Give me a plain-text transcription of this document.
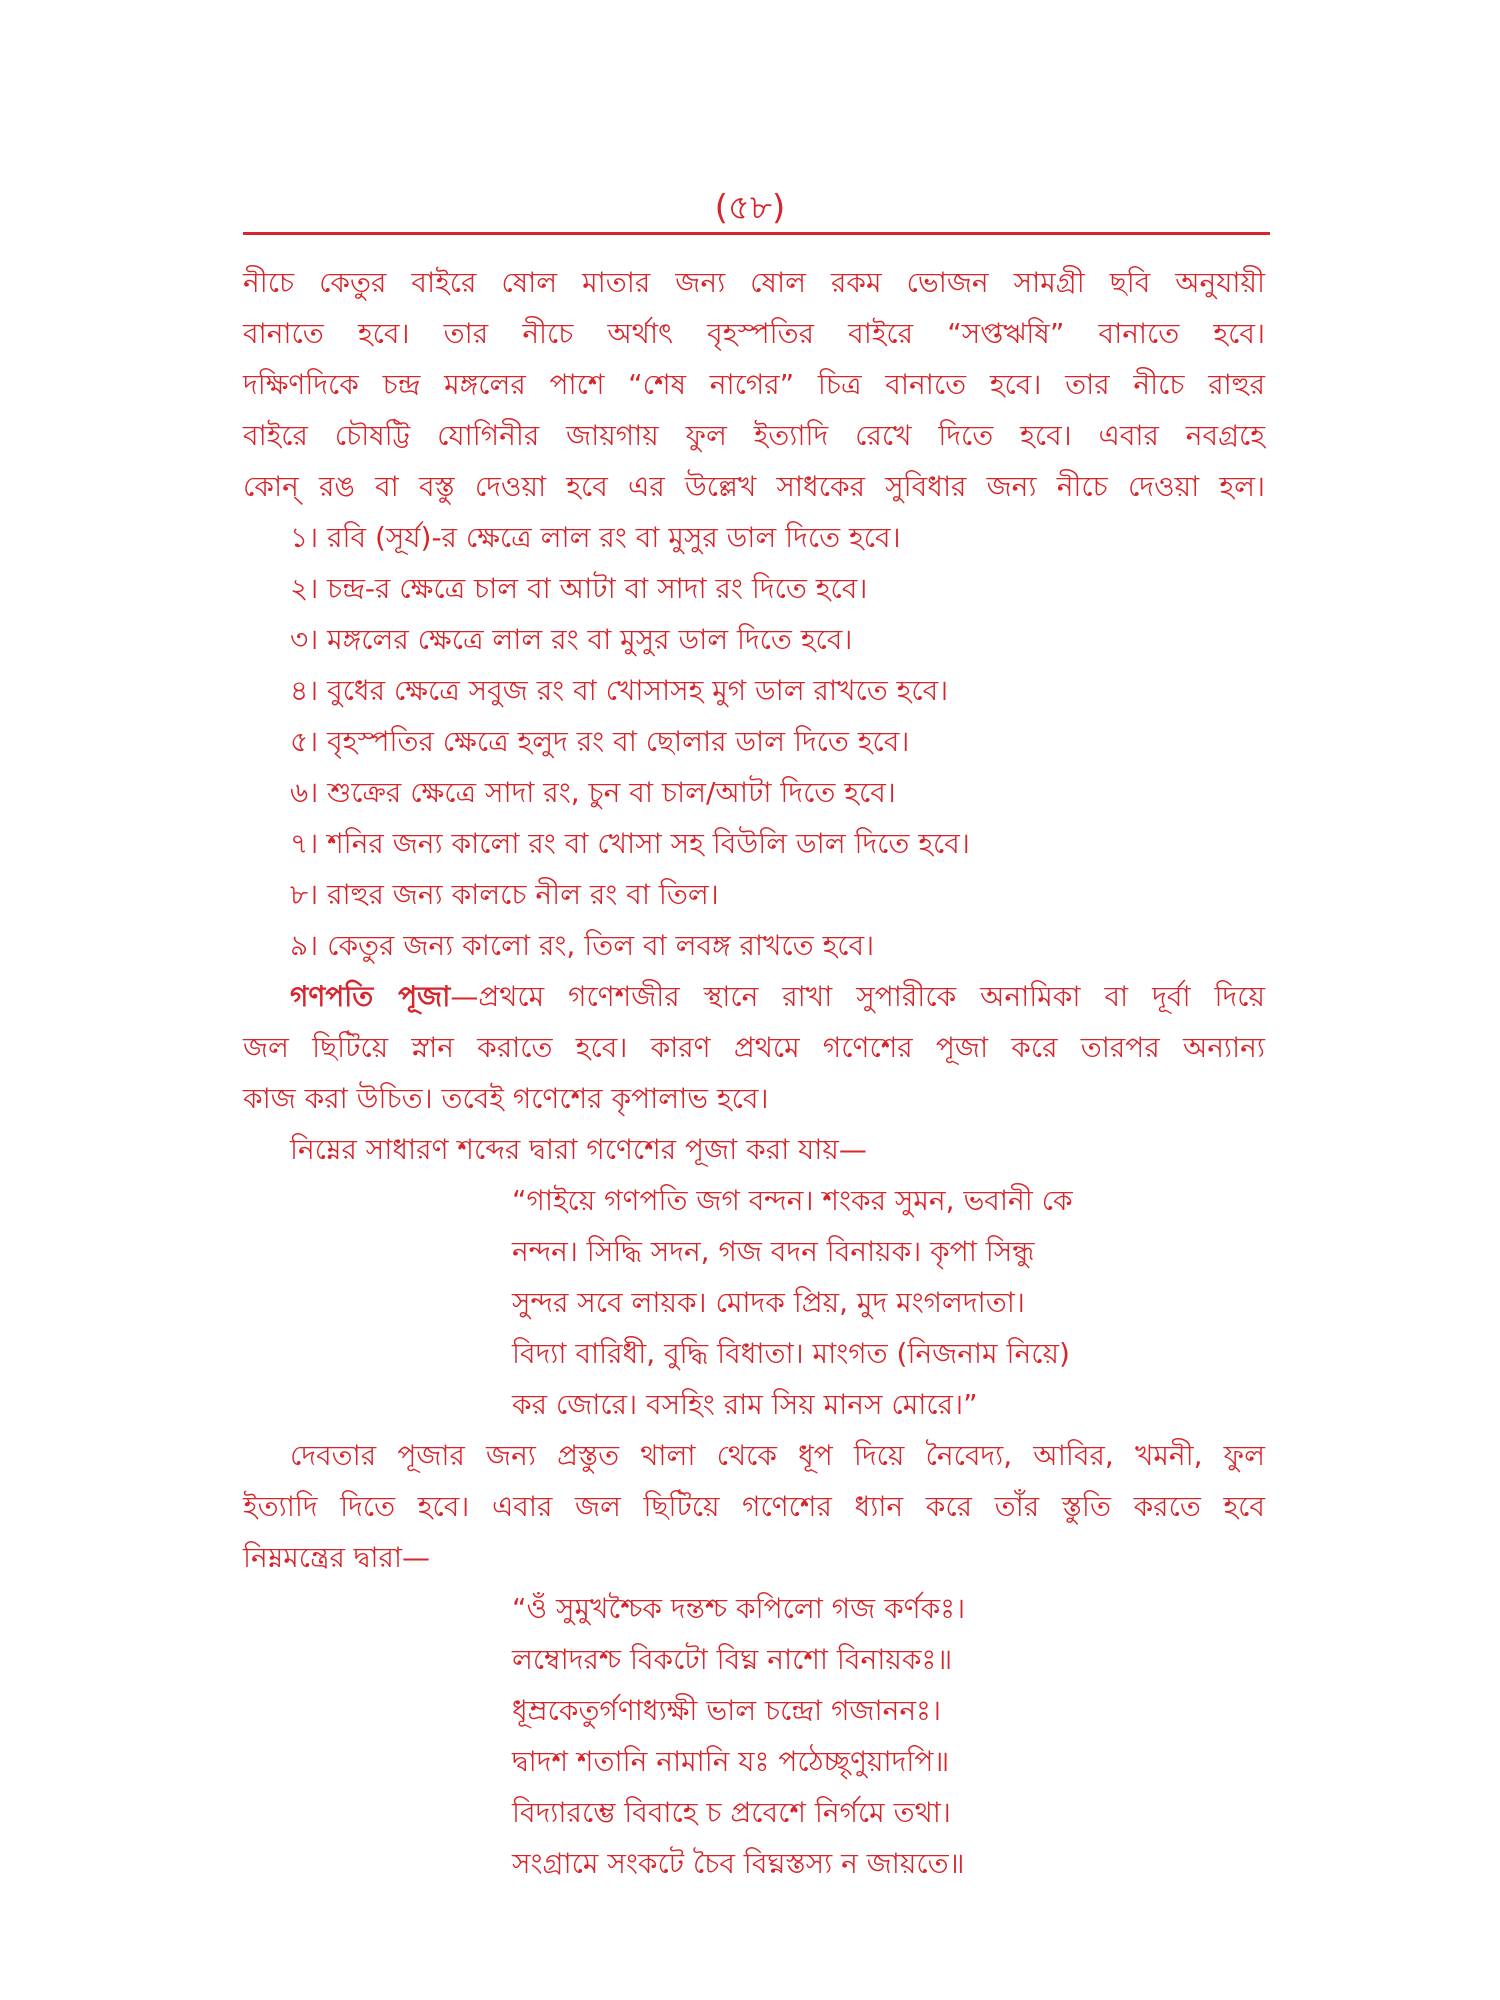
(৫৮)
নীচে কেতুর বাইরে ষোল মাতার জন্য ষোল রকম ভোজন সামগ্রী ছবি অনুযায়ী
বানাতে হবে। তার নীচে অর্থাৎ বৃহস্পতির বাইরে “সপ্তঋষি” বানাতে হবে।
দক্ষিণদিকে চন্দ্র মঙ্গলের পাশে “শেষ নাগের” চিত্র বানাতে হবে। তার নীচে রাহুর
বাইরে চৌষট্টি যোগিনীর জায়গায় ফুল ইত্যাদি রেখে দিতে হবে। এবার নবগ্রহে
কোন্ রঙ বা বস্তু দেওয়া হবে এর উল্লেখ সাধকের সুবিধার জন্য নীচে দেওয়া হল।
১। রবি (সূর্য)-র ক্ষেত্রে লাল রং বা মুসুর ডাল দিতে হবে।
২। চন্দ্র-র ক্ষেত্রে চাল বা আটা বা সাদা রং দিতে হবে।
৩। মঙ্গলের ক্ষেত্রে লাল রং বা মুসুর ডাল দিতে হবে।
৪। বুধের ক্ষেত্রে সবুজ রং বা খোসাসহ মুগ ডাল রাখতে হবে।
৫। বৃহস্পতির ক্ষেত্রে হলুদ রং বা ছোলার ডাল দিতে হবে।
৬। শুক্রের ক্ষেত্রে সাদা রং, চুন বা চাল/আটা দিতে হবে।
৭। শনির জন্য কালো রং বা খোসা সহ বিউলি ডাল দিতে হবে।
৮। রাহুর জন্য কালচে নীল রং বা তিল।
৯। কেতুর জন্য কালো রং, তিল বা লবঙ্গ রাখতে হবে।
গণপতি পূজা—প্রথমে গণেশজীর স্থানে রাখা সুপারীকে অনামিকা বা দূর্বা দিয়ে
জল ছিটিয়ে স্নান করাতে হবে। কারণ প্রথমে গণেশের পূজা করে তারপর অন্যান্য
কাজ করা উচিত। তবেই গণেশের কৃপালাভ হবে।
নিম্নের সাধারণ শব্দের দ্বারা গণেশের পূজা করা যায়—
“গাইয়ে গণপতি জগ বন্দন। শংকর সুমন, ভবানী কে
নন্দন। সিদ্ধি সদন, গজ বদন বিনায়ক। কৃপা সিন্ধু
সুন্দর সবে লায়ক। মোদক প্রিয়, মুদ মংগলদাতা।
বিদ্যা বারিধী, বুদ্ধি বিধাতা। মাংগত (নিজনাম নিয়ে)
কর জোরে। বসহিং রাম সিয় মানস মোরে।”
দেবতার পূজার জন্য প্রস্তুত থালা থেকে ধূপ দিয়ে নৈবেদ্য, আবির, খমনী, ফুল
ইত্যাদি দিতে হবে। এবার জল ছিটিয়ে গণেশের ধ্যান করে তাঁর স্তুতি করতে হবে
নিম্নমন্ত্রের দ্বারা—
“ওঁ সুমুখশ্চৈক দন্তশ্চ কপিলো গজ কর্ণকঃ।
লম্বোদরশ্চ বিকটো বিঘ্ন নাশো বিনায়কঃ॥
ধূম্রকেতুর্গণাধ্যক্ষী ভাল চন্দ্রো গজাননঃ।
দ্বাদশ শতানি নামানি যঃ পঠেচ্ছৃণুয়াদপি॥
বিদ্যারম্ভে বিবাহে চ প্রবেশে নির্গমে তথা।
সংগ্রামে সংকটে চৈব বিঘ্নস্তস্য ন জায়তে॥
